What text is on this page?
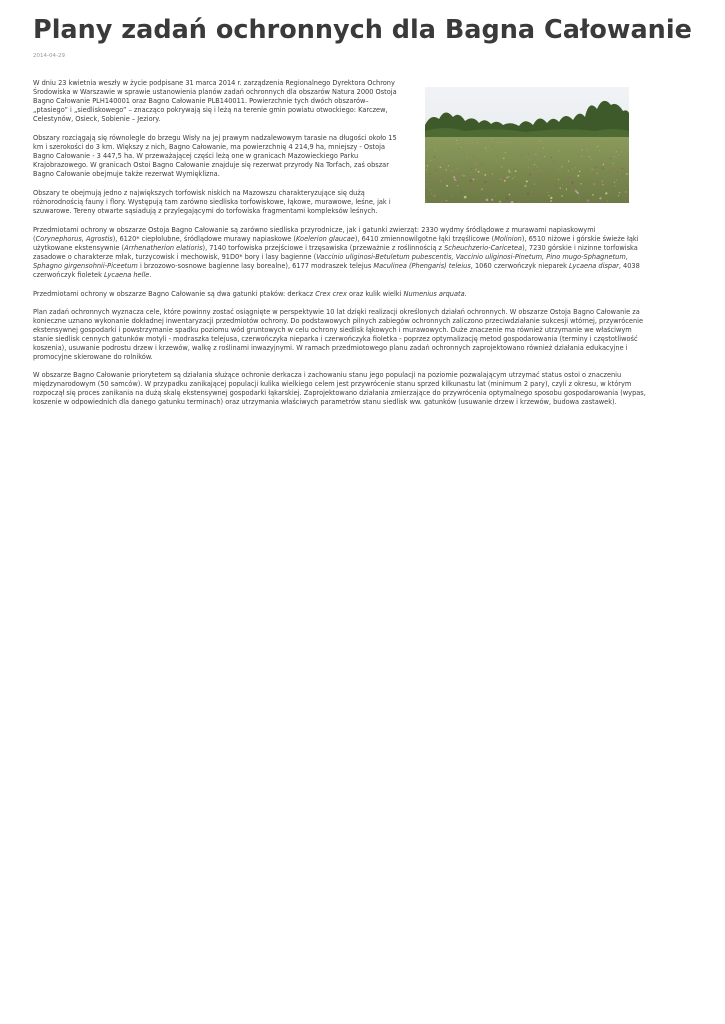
Plany zadań ochronnych dla Bagna Całowanie
2014-04-29

W dniu 23 kwietnia weszły w życie podpisane 31 marca 2014 r. zarządzenia Regionalnego Dyrektora Ochrony Środowiska w Warszawie w sprawie ustanowienia planów zadań ochronnych dla obszarów Natura 2000 Ostoja Bagno Całowanie PLH140001 oraz Bagno Całowanie PLB140011. Powierzchnie tych dwóch obszarów– „ptasiego” i „siedliskowego” – znacząco pokrywają się i leżą na terenie gmin powiatu otwockiego: Karczew, Celestynów, Osieck, Sobienie – Jeziory.

Obszary rozciągają się równolegle do brzegu Wisły na jej prawym nadzalewowym tarasie na długości około 15 km i szerokości do 3 km. Większy z nich, Bagno Całowanie, ma powierzchnię 4 214,9 ha, mniejszy - Ostoja Bagno Całowanie - 3 447,5 ha. W przeważającej części leżą one w granicach Mazowieckiego Parku Krajobrazowego. W granicach Ostoi Bagno Całowanie znajduje się rezerwat przyrody Na Torfach, zaś obszar Bagno Całowanie obejmuje także rezerwat Wymięklizna.

Obszary te obejmują jedno z największych torfowisk niskich na Mazowszu charakteryzujące się dużą różnorodnością fauny i flory. Występują tam zarówno siedliska torfowiskowe, łąkowe, murawowe, leśne, jak i szuwarowe. Tereny otwarte sąsiadują z przylegającymi do torfowiska fragmentami kompleksów leśnych.

Przedmiotami ochrony w obszarze Ostoja Bagno Całowanie są zarówno siedliska przyrodnicze, jak i gatunki zwierząt: 2330 wydmy śródlądowe z murawami napiaskowymi (Corynephorus, Agrostis), 6120* ciepłolubne, śródlądowe murawy napiaskowe (Koelerion glaucae), 6410 zmiennowilgotne łąki trzęślicowe (Molinion), 6510 niżowe i górskie świeże łąki użytkowane ekstensywnie (Arrhenatherion elatioris), 7140 torfowiska przejściowe i trzęsawiska (przeważnie z roślinnością z Scheuchzerio-Caricetea), 7230 górskie i nizinne torfowiska zasadowe o charakterze młak, turzycowisk i mechowisk, 91D0* bory i lasy bagienne (Vaccinio uliginosi-Betuletum pubescentis, Vaccinio uliginosi-Pinetum, Pino mugo-Sphagnetum, Sphagno girgensohnii-Piceetum i brzozowo-sosnowe bagienne lasy borealne), 6177 modraszek telejus Maculinea (Phengaris) teleius, 1060 czerwończyk nieparek Lycaena dispar, 4038 czerwończyk fioletek Lycaena helle.

Przedmiotami ochrony w obszarze Bagno Całowanie są dwa gatunki ptaków: derkacz Crex crex oraz kulik wielki Numenius arquata.

Plan zadań ochronnych wyznacza cele, które powinny zostać osiągnięte w perspektywie 10 lat dzięki realizacji określonych działań ochronnych. W obszarze Ostoja Bagno Całowanie za konieczne uznano wykonanie dokładnej inwentaryzacji przedmiotów ochrony. Do podstawowych pilnych zabiegów ochronnych zaliczono przeciwdziałanie sukcesji wtórnej, przywrócenie ekstensywnej gospodarki i powstrzymanie spadku poziomu wód gruntowych w celu ochrony siedlisk łąkowych i murawowych. Duże znaczenie ma również utrzymanie we właściwym stanie siedlisk cennych gatunków motyli - modraszka telejusa, czerwończyka nieparka i czerwończyka fioletka - poprzez optymalizację metod gospodarowania (terminy i częstotliwość koszenia), usuwanie podrostu drzew i krzewów, walkę z roślinami inwazyjnymi. W ramach przedmiotowego planu zadań ochronnych zaprojektowano również działania edukacyjne i promocyjne skierowane do rolników.

W obszarze Bagno Całowanie priorytetem są działania służące ochronie derkacza i zachowaniu stanu jego populacji na poziomie pozwalającym utrzymać status ostoi o znaczeniu międzynarodowym (50 samców). W przypadku zanikającej populacji kulika wielkiego celem jest przywrócenie stanu sprzed kilkunastu lat (minimum 2 pary), czyli z okresu, w którym rozpoczął się proces zanikania na dużą skalę ekstensywnej gospodarki łąkarskiej. Zaprojektowano działania zmierzające do przywrócenia optymalnego sposobu gospodarowania (wypas, koszenie w odpowiednich dla danego gatunku terminach) oraz utrzymania właściwych parametrów stanu siedlisk ww. gatunków (usuwanie drzew i krzewów, budowa zastawek).
